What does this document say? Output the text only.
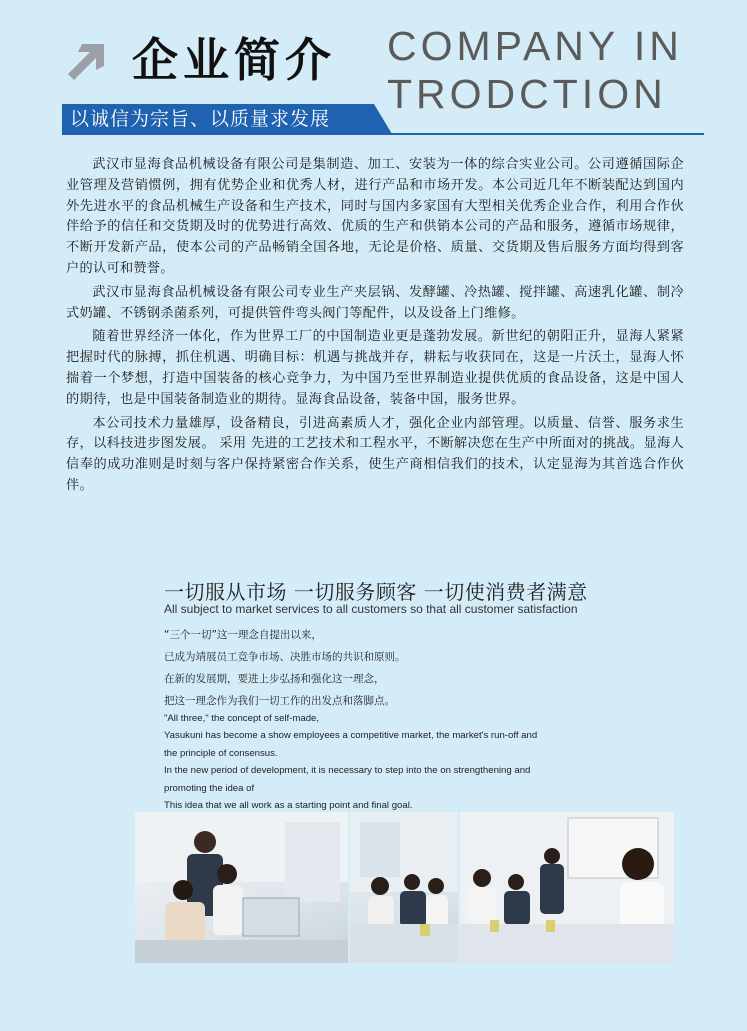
企业简介 COMPANY IN
TRODCTION
以诚信为宗旨、以质量求发展

武汉市显海食品机械设备有限公司是集制造、加工、安装为一体的综合实业公司。公司遵循国际企业管理及营销惯例，拥有优势企业和优秀人材，进行产品和市场开发。本公司近几年不断装配达到国内外先进水平的食品机械生产设备和生产技术，同时与国内多家国有大型相关优秀企业合作，利用合作伙伴给予的信任和交货期及时的优势进行高效、优质的生产和供销本公司的产品和服务，遵循市场规律，不断开发新产品，使本公司的产品畅销全国各地，无论是价格、质量、交货期及售后服务方面均得到客户的认可和赞誉。

武汉市显海食品机械设备有限公司专业生产夹层锅、发酵罐、冷热罐、搅拌罐、高速乳化罐、制冷式奶罐、不锈钢杀菌系列，可提供管件弯头阀门等配件，以及设备上门维修。

随着世界经济一体化，作为世界工厂的中国制造业更是蓬勃发展。新世纪的朝阳正升，显海人紧紧把握时代的脉搏，抓住机遇、明确目标：机遇与挑战并存，耕耘与收获同在，这是一片沃土，显海人怀揣着一个梦想，打造中国装备的核心竞争力，为中国乃至世界制造业提供优质的食品设备，这是中国人的期待，也是中国装备制造业的期待。显海食品设备，装备中国，服务世界。

本公司技术力量雄厚，设备精良，引进高素质人才，强化企业内部管理。以质量、信誉、服务求生存，以科技进步图发展。 采用 先进的工艺技术和工程水平，不断解决您在生产中所面对的挑战。显海人信奉的成功准则是时刻与客户保持紧密合作关系，使生产商相信我们的技术，认定显海为其首选合作伙伴。

一切服从市场 一切服务顾客 一切使消费者满意
All subject to market services to all customers so that all customer satisfaction
“三个一切”这一理念自提出以来，
已成为靖展员工竞争市场、决胜市场的共识和原则。
在新的发展期，要进上步弘扬和强化这一理念，
把这一理念作为我们一切工作的出发点和落脚点。
"All three," the concept of self-made,
Yasukuni has become a show employees a competitive market, the market's run-off and
the principle of consensus.
In the new period of development, it is necessary to step into the on strengthening and
promoting the idea of
This idea that we all work as a starting point and final goal.
